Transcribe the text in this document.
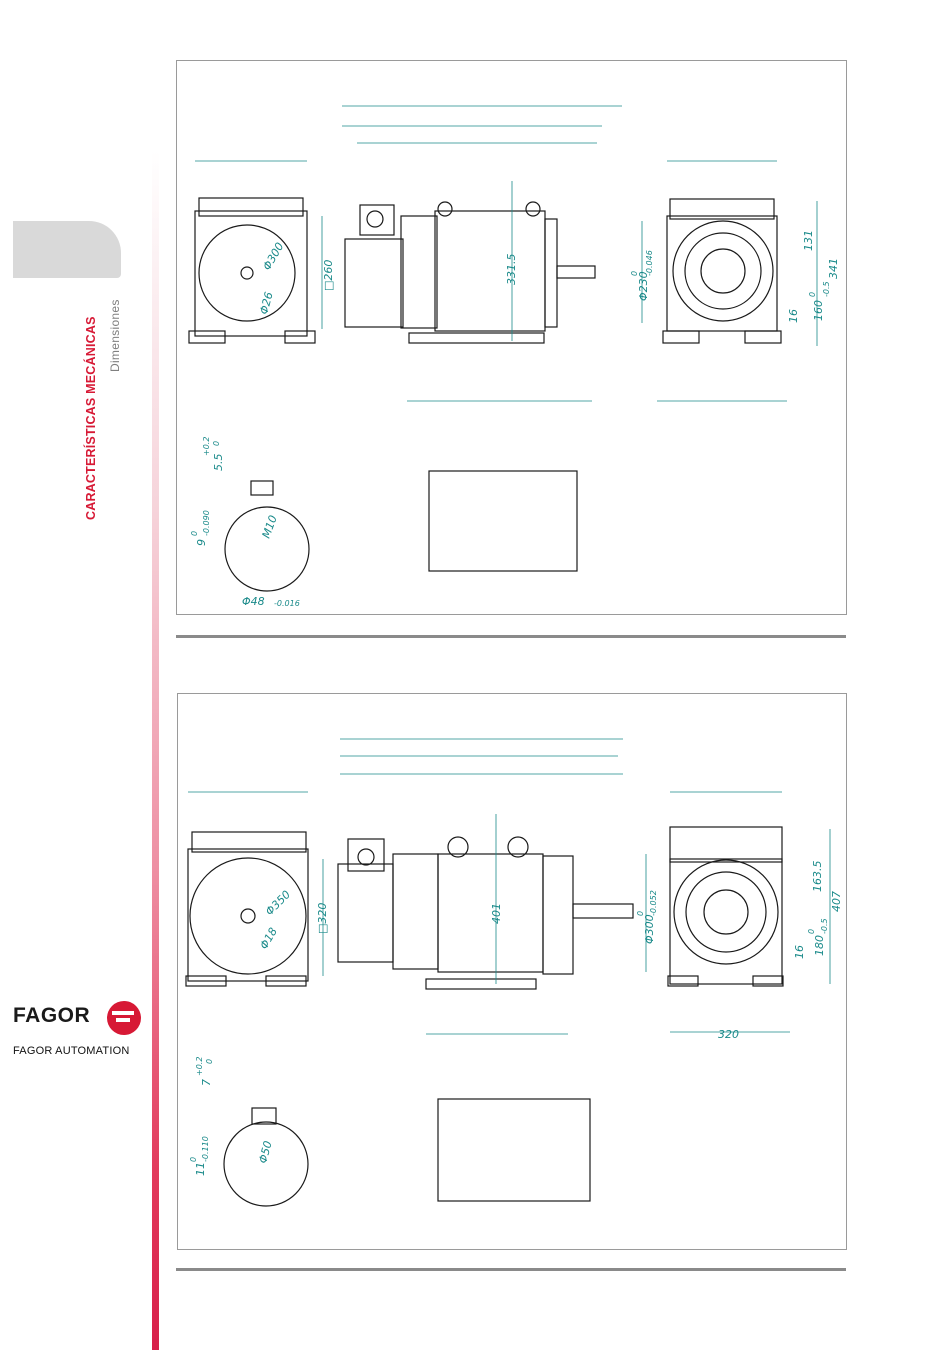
CARACTERÍSTICAS MECÁNICAS Dimensiones
FAGOR
FAGOR AUTOMATION
Φ300
Φ26
□260	331.5
Φ230
0 -0.046
131
341
160
0 -0.5
16
5.5
+0.2 0
9
0 -0.090	M10
Φ48 -0.016
Φ350
Φ18
□320	401
Φ300
0 -0.052
163.5
407
180
0 -0.5
16
320
7
+0.2 0
11
0 -0.110	Φ50
